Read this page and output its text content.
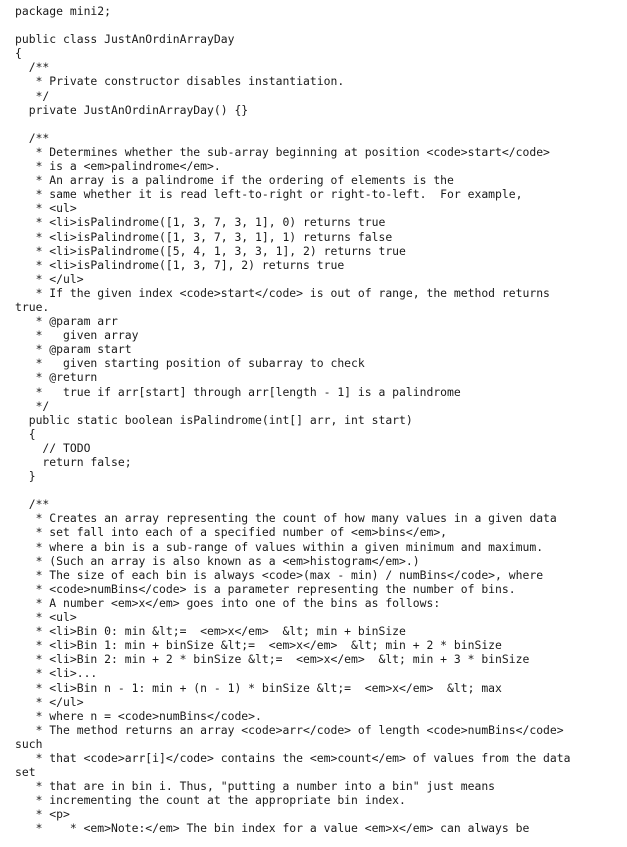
package mini2;

public class JustAnOrdinArrayDay
{
/**
* Private constructor disables instantiation.
*/
private JustAnOrdinArrayDay() {}

/**
* Determines whether the sub-array beginning at position <code>start</code>
* is a <em>palindrome</em>.
* An array is a palindrome if the ordering of elements is the
* same whether it is read left-to-right or right-to-left.  For example,
* <ul>
* <li>isPalindrome([1, 3, 7, 3, 1], 0) returns true
* <li>isPalindrome([1, 3, 7, 3, 1], 1) returns false
* <li>isPalindrome([5, 4, 1, 3, 3, 1], 2) returns true
* <li>isPalindrome([1, 3, 7], 2) returns true
* </ul>
* If the given index <code>start</code> is out of range, the method returns
true.
* @param arr
*   given array
* @param start
*   given starting position of subarray to check
* @return
*   true if arr[start] through arr[length - 1] is a palindrome
*/
public static boolean isPalindrome(int[] arr, int start)
{
// TODO
return false;
}

/**
* Creates an array representing the count of how many values in a given data
* set fall into each of a specified number of <em>bins</em>,
* where a bin is a sub-range of values within a given minimum and maximum.
* (Such an array is also known as a <em>histogram</em>.)
* The size of each bin is always <code>(max - min) / numBins</code>, where
* <code>numBins</code> is a parameter representing the number of bins.
* A number <em>x</em> goes into one of the bins as follows:
* <ul>
* <li>Bin 0: min &lt;=  <em>x</em>  &lt; min + binSize
* <li>Bin 1: min + binSize &lt;=  <em>x</em>  &lt; min + 2 * binSize
* <li>Bin 2: min + 2 * binSize &lt;=  <em>x</em>  &lt; min + 3 * binSize
* <li>...
* <li>Bin n - 1: min + (n - 1) * binSize &lt;=  <em>x</em>  &lt; max
* </ul>
* where n = <code>numBins</code>.
* The method returns an array <code>arr</code> of length <code>numBins</code>
such
* that <code>arr[i]</code> contains the <em>count</em> of values from the data
set
* that are in bin i. Thus, "putting a number into a bin" just means
* incrementing the count at the appropriate bin index.
* <p>
*    * <em>Note:</em> The bin index for a value <em>x</em> can always be
